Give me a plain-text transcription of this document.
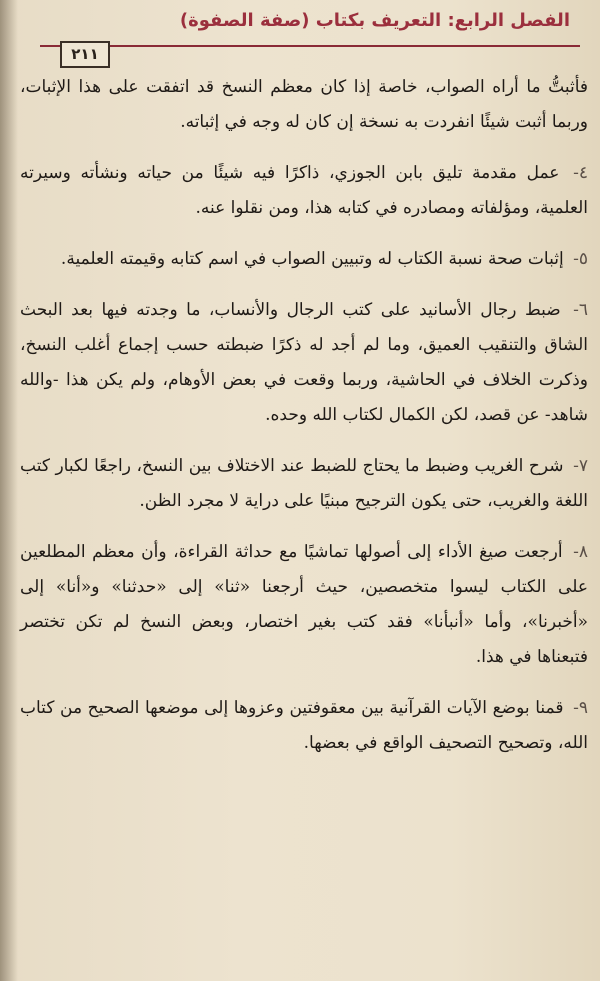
الفصل الرابع: التعريف بكتاب (صفة الصفوة)
٢١١

فأثبتُّ ما أراه الصواب، خاصة إذا كان معظم النسخ قد اتفقت على هذا الإثبات، وربما أثبت شيئًا انفردت به نسخة إن كان له وجه في إثباته.

٤- عمل مقدمة تليق بابن الجوزي، ذاكرًا فيه شيئًا من حياته ونشأته وسيرته العلمية، ومؤلفاته ومصادره في كتابه هذا، ومن نقلوا عنه.

٥- إثبات صحة نسبة الكتاب له وتبيين الصواب في اسم كتابه وقيمته العلمية.

٦- ضبط رجال الأسانيد على كتب الرجال والأنساب، ما وجدته فيها بعد البحث الشاق والتنقيب العميق، وما لم أجد له ذكرًا ضبطته حسب إجماع أغلب النسخ، وذكرت الخلاف في الحاشية، وربما وقعت في بعض الأوهام، ولم يكن هذا -والله شاهد- عن قصد، لكن الكمال لكتاب الله وحده.

٧- شرح الغريب وضبط ما يحتاج للضبط عند الاختلاف بين النسخ، راجعًا لكبار كتب اللغة والغريب، حتى يكون الترجيح مبنيًا على دراية لا مجرد الظن.

٨- أرجعت صيغ الأداء إلى أصولها تماشيًا مع حداثة القراءة، وأن معظم المطلعين على الكتاب ليسوا متخصصين، حيث أرجعنا «ثنا» إلى «حدثنا» و«أنا» إلى «أخبرنا»، وأما «أنبأنا» فقد كتب بغير اختصار، وبعض النسخ لم تكن تختصر فتبعناها في هذا.

٩- قمنا بوضع الآيات القرآنية بين معقوفتين وعزوها إلى موضعها الصحيح من كتاب الله، وتصحيح التصحيف الواقع في بعضها.
